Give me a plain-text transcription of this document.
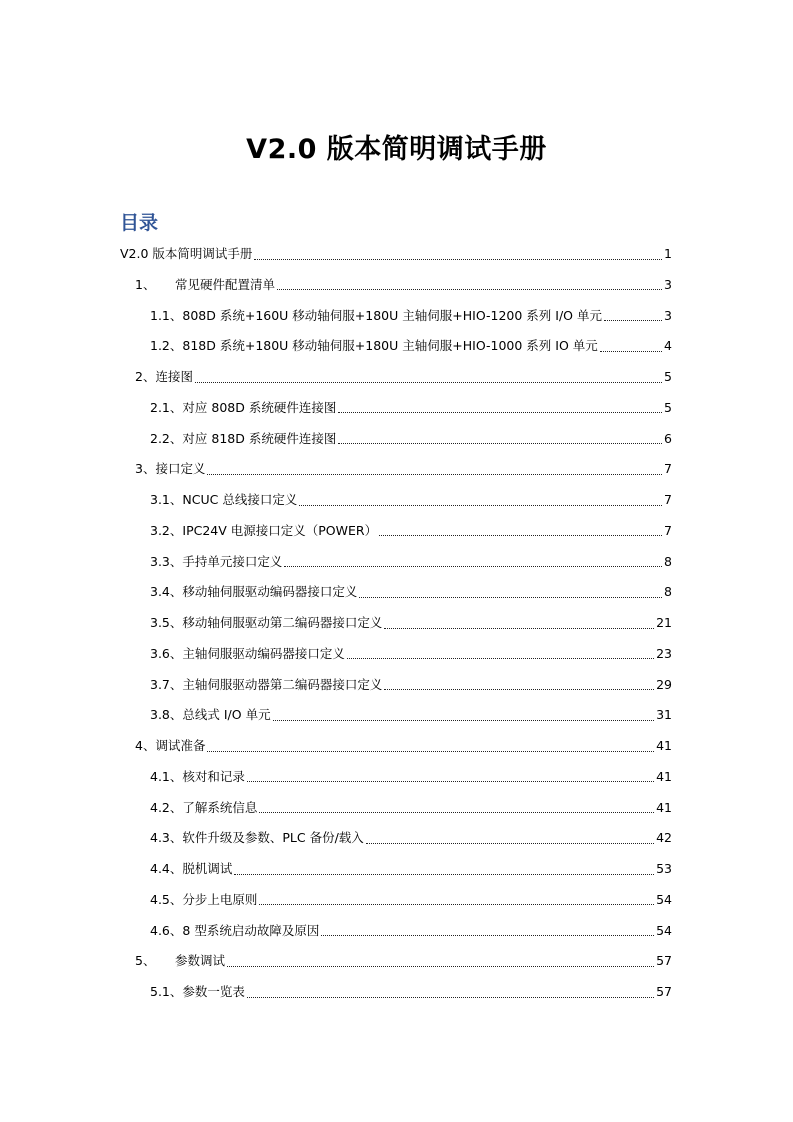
V2.0 版本简明调试手册
目录
V2.0 版本简明调试手册	1
1、	常见硬件配置清单	3
1.1、 808D 系统+160U 移动轴伺服+180U 主轴伺服+HIO-1200 系列 I/O 单元	3
1.2、 818D 系统+180U 移动轴伺服+180U 主轴伺服+HIO-1000 系列 IO 单元	4
2、 连接图	5
2.1、 对应 808D 系统硬件连接图	5
2.2、 对应 818D 系统硬件连接图	6
3、 接口定义	7
3.1、 NCUC 总线接口定义	7
3.2、 IPC24V 电源接口定义（POWER）	7
3.3、 手持单元接口定义	8
3.4、 移动轴伺服驱动编码器接口定义	8
3.5、 移动轴伺服驱动第二编码器接口定义	21
3.6、 主轴伺服驱动编码器接口定义	23
3.7、 主轴伺服驱动器第二编码器接口定义	29
3.8、 总线式 I/O 单元	31
4、 调试准备	41
4.1、 核对和记录	41
4.2、 了解系统信息	41
4.3、 软件升级及参数、PLC 备份/载入	42
4.4、 脱机调试	53
4.5、 分步上电原则	54
4.6、 8 型系统启动故障及原因	54
5、	参数调试	57
5.1、 参数一览表	57
